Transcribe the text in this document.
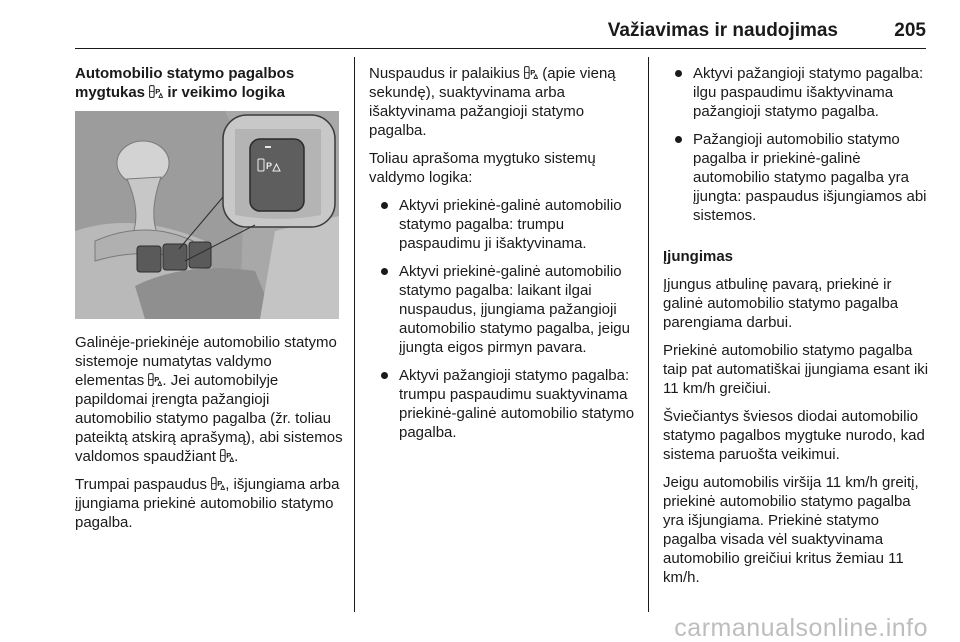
Važiavimas ir naudojimas	205

Automobilio statymo pagalbos
mygtukas  ir veikimo logika

P

Galinėje-priekinėje automobilio statymo sistemoje numatytas valdymo elementas . Jei automobilyje papildomai įrengta pažangioji automobilio statymo pagalba (žr. toliau pateiktą atskirą aprašymą), abi sistemos valdomos spaudžiant .

Trumpai paspaudus , išjungiama arba įjungiama priekinė automobilio statymo pagalba.

Nuspaudus ir palaikius  (apie vieną sekundę), suaktyvinama arba išaktyvinama pažangioji statymo pagalba.

Toliau aprašoma mygtuko sistemų valdymo logika:

Aktyvi priekinė-galinė automobilio statymo pagalba: trumpu paspaudimu ji išaktyvinama.

Aktyvi priekinė-galinė automobilio statymo pagalba: laikant ilgai nuspaudus, įjungiama pažangioji automobilio statymo pagalba, jeigu įjungta eigos pirmyn pavara.

Aktyvi pažangioji statymo pagalba: trumpu paspaudimu suaktyvinama priekinė-galinė automobilio statymo pagalba.

Aktyvi pažangioji statymo pagalba: ilgu paspaudimu išaktyvinama pažangioji statymo pagalba.

Pažangioji automobilio statymo pagalba ir priekinė-galinė automobilio statymo pagalba yra įjungta: paspaudus išjungiamos abi sistemos.

Įjungimas

Įjungus atbulinę pavarą, priekinė ir galinė automobilio statymo pagalba parengiama darbui.

Priekinė automobilio statymo pagalba taip pat automatiškai įjungiama esant iki 11 km/h greičiui.

Šviečiantys šviesos diodai automobilio statymo pagalbos mygtuke nurodo, kad sistema paruošta veikimui.

Jeigu automobilis viršija 11 km/h greitį, priekinė automobilio statymo pagalba yra išjungiama. Priekinė statymo pagalba visada vėl suaktyvinama automobilio greičiui kritus žemiau 11 km/h.

carmanualsonline.info
